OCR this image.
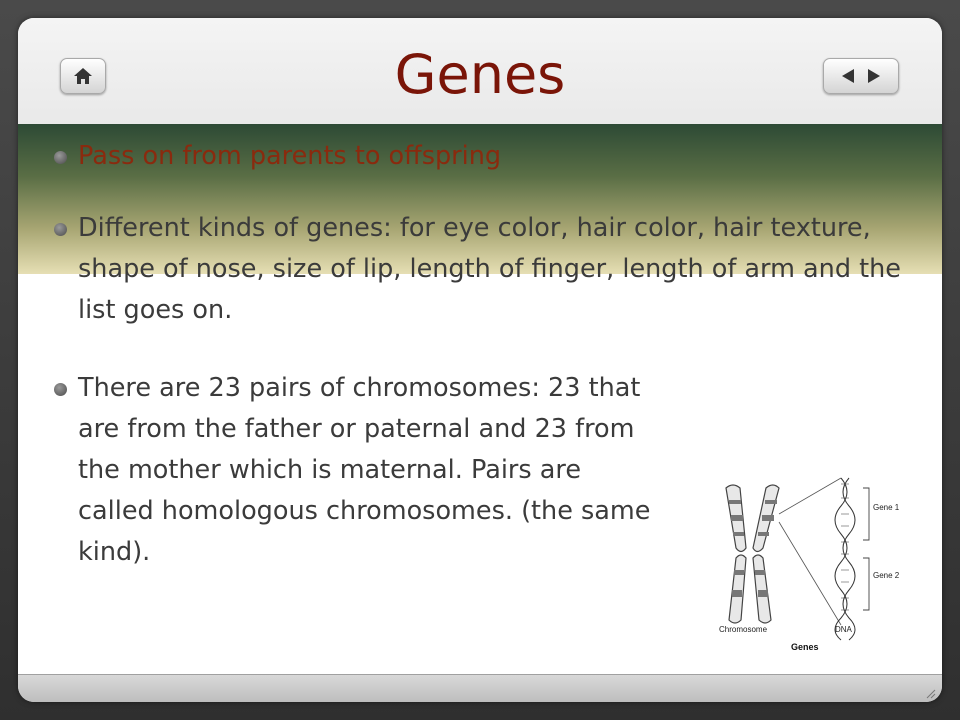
Genes
Pass on from parents to offspring
Different kinds of genes: for eye color, hair color, hair texture, shape of nose, size of lip, length of finger, length of arm and the list goes on.
There are 23 pairs of chromosomes: 23 that are from the father or paternal and 23 from the mother which is maternal. Pairs are called homologous chromosomes. (the same kind).
Gene 1
Gene 2
Chromosome	DNA
Genes
